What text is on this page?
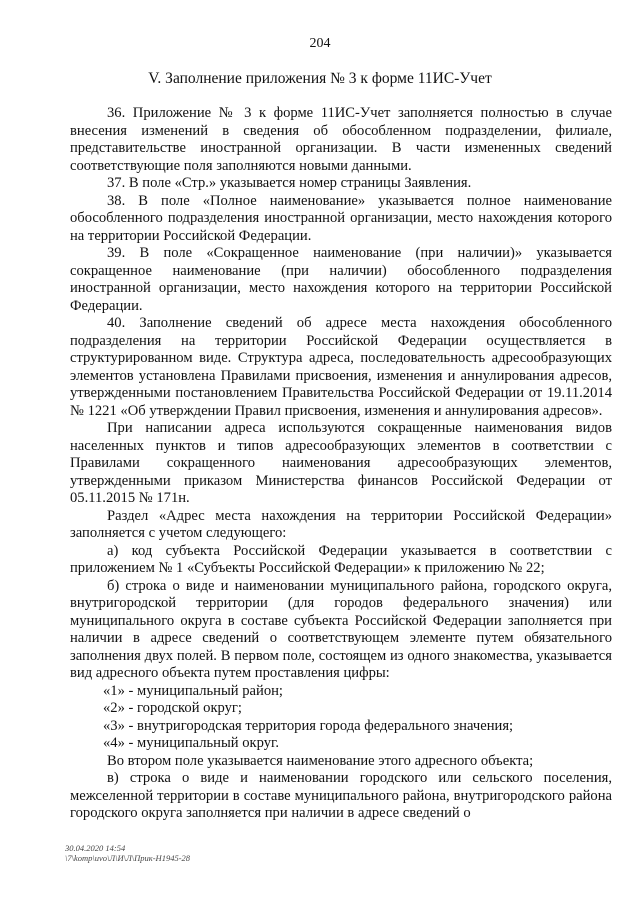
204
V. Заполнение приложения № 3 к форме 11ИС-Учет

36. Приложение № 3 к форме 11ИС-Учет заполняется полностью в случае внесения изменений в сведения об обособленном подразделении, филиале, представительстве иностранной организации. В части измененных сведений соответствующие поля заполняются новыми данными.

37. В поле «Стр.» указывается номер страницы Заявления.

38. В поле «Полное наименование» указывается полное наименование обособленного подразделения иностранной организации, место нахождения которого на территории Российской Федерации.

39. В поле «Сокращенное наименование (при наличии)» указывается сокращенное наименование (при наличии) обособленного подразделения иностранной организации, место нахождения которого на территории Российской Федерации.

40. Заполнение сведений об адресе места нахождения обособленного подразделения на территории Российской Федерации осуществляется в структурированном виде. Структура адреса, последовательность адресообразующих элементов установлена Правилами присвоения, изменения и аннулирования адресов, утвержденными постановлением Правительства Российской Федерации от 19.11.2014 № 1221 «Об утверждении Правил присвоения, изменения и аннулирования адресов».

При написании адреса используются сокращенные наименования видов населенных пунктов и типов адресообразующих элементов в соответствии с Правилами сокращенного наименования адресообразующих элементов, утвержденными приказом Министерства финансов Российской Федерации от 05.11.2015 № 171н.

Раздел «Адрес места нахождения на территории Российской Федерации» заполняется с учетом следующего:

а) код субъекта Российской Федерации указывается в соответствии с приложением № 1 «Субъекты Российской Федерации» к приложению № 22;

б) строка о виде и наименовании муниципального района, городского округа, внутригородской территории (для городов федерального значения) или муниципального округа в составе субъекта Российской Федерации заполняется при наличии в адресе сведений о соответствующем элементе путем обязательного заполнения двух полей. В первом поле, состоящем из одного знакомества, указывается вид адресного объекта путем проставления цифры:

«1» - муниципальный район;

«2» - городской округ;

«3» - внутригородская территория города федерального значения;

«4» - муниципальный округ.

Во втором поле указывается наименование этого адресного объекта;

в) строка о виде и наименовании городского или сельского поселения, межселенной территории в составе муниципального района, внутригородского района городского округа заполняется при наличии в адресе сведений о

30.04.2020 14:54
\7\komp\uvo\Л\И\Л\Прик-Н1945-28
